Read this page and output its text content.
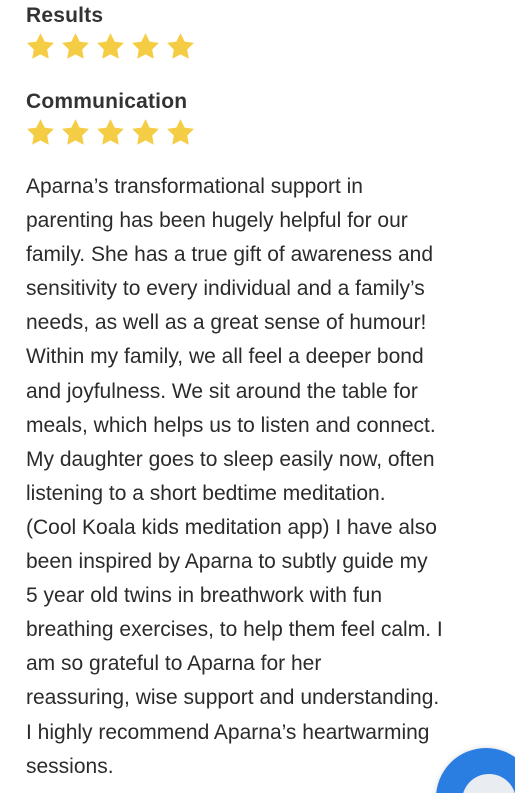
Results
Communication

Aparna’s transformational support in
parenting has been hugely helpful for our
family. She has a true gift of awareness and
sensitivity to every individual and a family’s
needs, as well as a great sense of humour!
Within my family, we all feel a deeper bond
and joyfulness. We sit around the table for
meals, which helps us to listen and connect.
My daughter goes to sleep easily now, often
listening to a short bedtime meditation.
(Cool Koala kids meditation app) I have also
been inspired by Aparna to subtly guide my
5 year old twins in breathwork with fun
breathing exercises, to help them feel calm. I
am so grateful to Aparna for her
reassuring, wise support and understanding.
I highly recommend Aparna’s heartwarming
sessions.
